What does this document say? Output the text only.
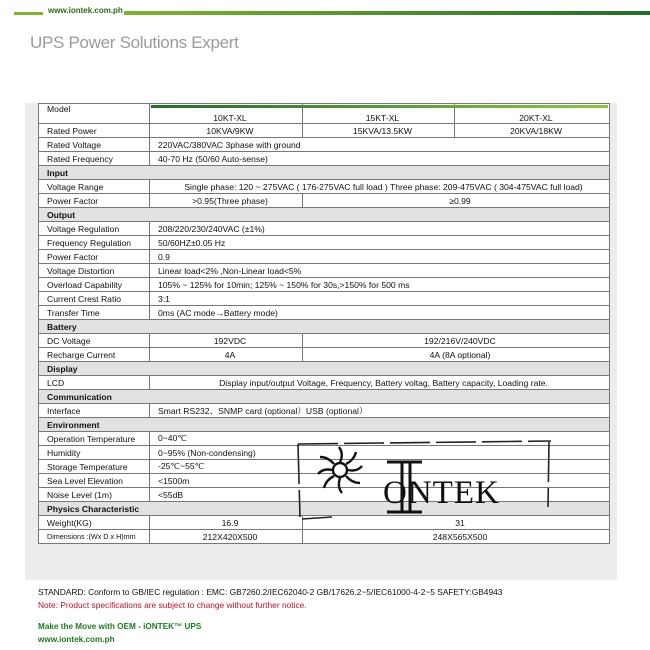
www.iontek.com.ph
UPS Power Solutions Expert
Model	10KT-XL	15KT-XL	20KT-XL
Rated Power	10KVA/9KW	15KVA/13.5KW	20KVA/18KW
Rated Voltage	220VAC/380VAC 3phase with ground		
Rated Frequency	40-70 Hz (50/60 Auto-sense)		
Input			
Voltage Range	Single phase: 120 ~ 275VAC ( 176-275VAC full load ) Three phase: 209-475VAC ( 304-475VAC full load)		
Power Factor	>0.95(Three phase)	≥0.99	
Output			
Voltage Regulation	208/220/230/240VAC (±1%)		
Frequency Regulation	50/60HZ±0.05 Hz		
Power Factor	0.9		
Voltage Distortion	Linear load<2% ,Non-Linear load<5%		
Overload Capability	105% ~ 125% for 10min; 125% ~ 150% for 30s,>150% for 500 ms		
Current Crest Ratio	3:1		
Transfer Time	0ms (AC mode→Battery mode)		
Battery			
DC Voltage	192VDC	192/216V/240VDC	
Recharge Current	4A	4A (8A optional)	
Display			
LCD	Display input/output Voltage, Frequency, Battery voltag, Battery capacity, Loading rate.		
Communication			
Interface	Smart RS232、SNMP card (optional）USB (optional）		
Environment			
Operation Temperature	0~40℃		
Humidity	0~95% (Non-condensing)		
Storage Temperature	-25℃~55℃		
Sea Level Elevation	<1500m		
Noise Level (1m)	<55dB		
Physics Characteristic			
Weight(KG)	16.9	31	
Dimensions :(Wx D x H)mm	212X420X500	248X565X500	
ONTEK
STANDARD: Conform to GB/IEC regulation : EMC: GB7260.2/IEC62040-2 GB/17626.2~5/IEC61000-4-2~5 SAFETY:GB4943
Note: Product specifications are subject to change without further notice.
Make the Move with OEM - iONTEK™ UPS
www.iontek.com.ph
